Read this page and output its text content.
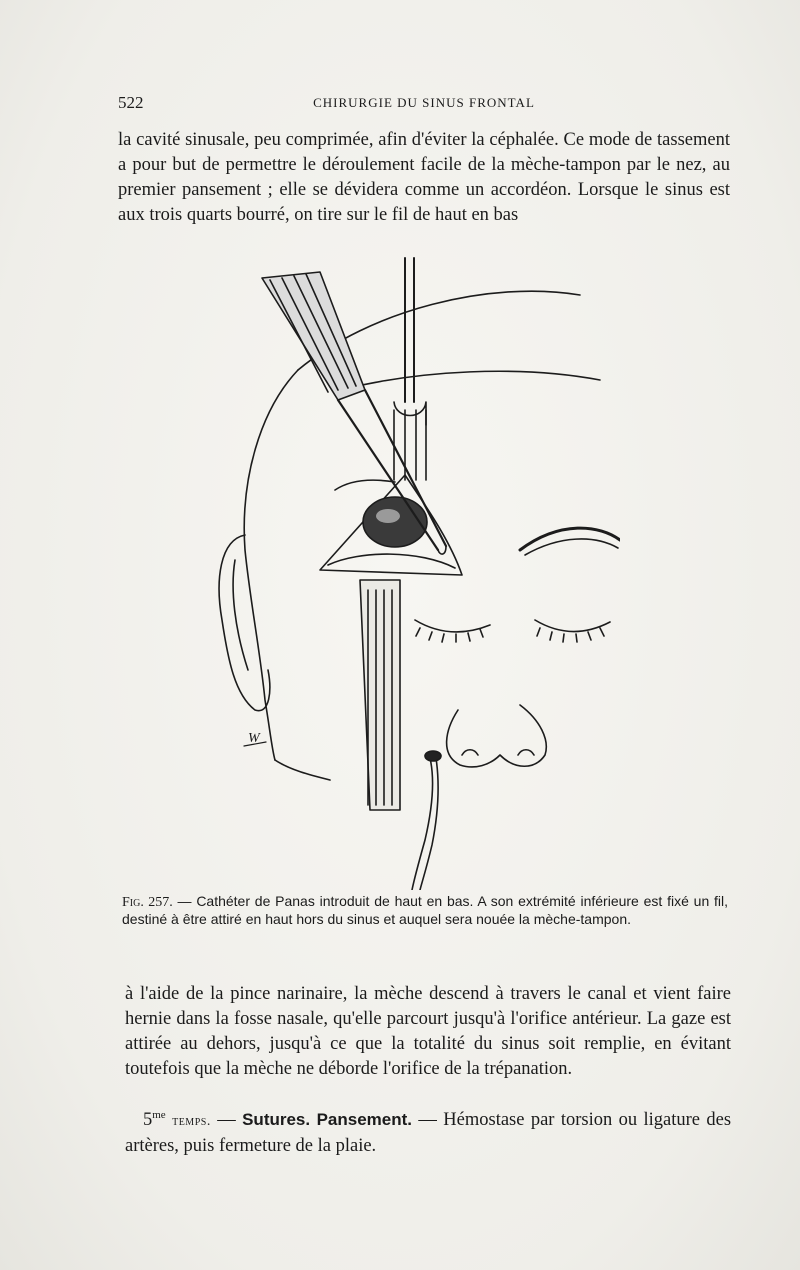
522	CHIRURGIE DU SINUS FRONTAL
la cavité sinusale, peu comprimée, afin d'éviter la céphalée. Ce mode de tassement a pour but de permettre le déroulement facile de la mèche-tampon par le nez, au premier pansement ; elle se dévidera comme un accordéon. Lorsque le sinus est aux trois quarts bourré, on tire sur le fil de haut en bas
W
Fig. 257. — Cathéter de Panas introduit de haut en bas. A son extrémité inférieure est fixé un fil, destiné à être attiré en haut hors du sinus et auquel sera nouée la mèche-tampon.
à l'aide de la pince narinaire, la mèche descend à travers le canal et vient faire hernie dans la fosse nasale, qu'elle parcourt jusqu'à l'orifice antérieur. La gaze est attirée au dehors, jusqu'à ce que la totalité du sinus soit remplie, en évitant toutefois que la mèche ne déborde l'orifice de la trépanation.
$5^{me}$ temps. — Sutures. Pansement. — Hémostase par torsion ou ligature des artères, puis fermeture de la plaie.
